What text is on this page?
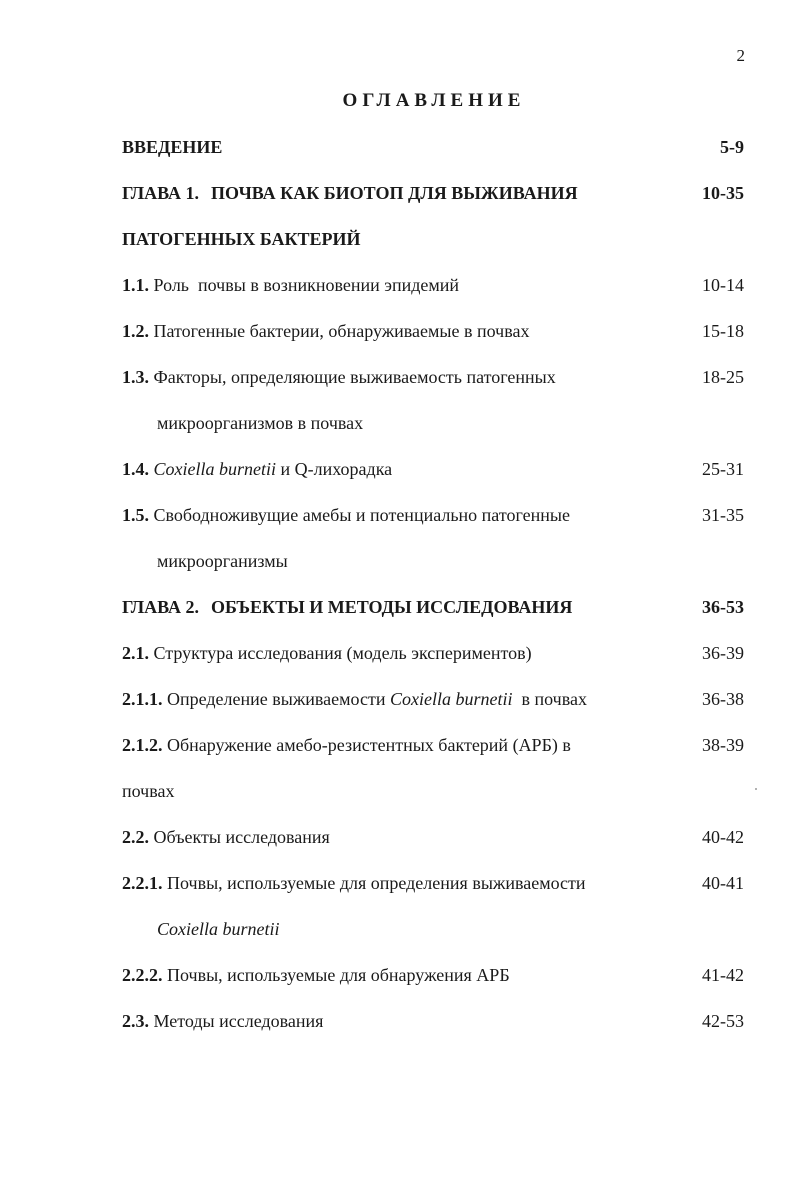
2
ОГЛАВЛЕНИЕ
ВВЕДЕНИЕ	5-9
ГЛАВА 1. ПОЧВА КАК БИОТОП ДЛЯ ВЫЖИВАНИЯ	10-35
ПАТОГЕННЫХ БАКТЕРИЙ
1.1. Роль  почвы в возникновении эпидемий	10-14
1.2. Патогенные бактерии, обнаруживаемые в почвах	15-18
1.3. Факторы, определяющие выживаемость патогенных	18-25
микроорганизмов в почвах
1.4. Coxiella burnetii и Q-лихорадка	25-31
1.5. Свободноживущие амебы и потенциально патогенные	31-35
микроорганизмы
ГЛАВА 2. ОБЪЕКТЫ И МЕТОДЫ ИССЛЕДОВАНИЯ	36-53
2.1. Структура исследования (модель экспериментов)	36-39
2.1.1. Определение выживаемости Coxiella burnetii  в почвах	36-38
2.1.2. Обнаружение амебо-резистентных бактерий (АРБ) в	38-39
почвах
2.2. Объекты исследования	40-42
2.2.1. Почвы, используемые для определения выживаемости	40-41
Coxiella burnetii
2.2.2. Почвы, используемые для обнаружения АРБ	41-42
2.3. Методы исследования	42-53
